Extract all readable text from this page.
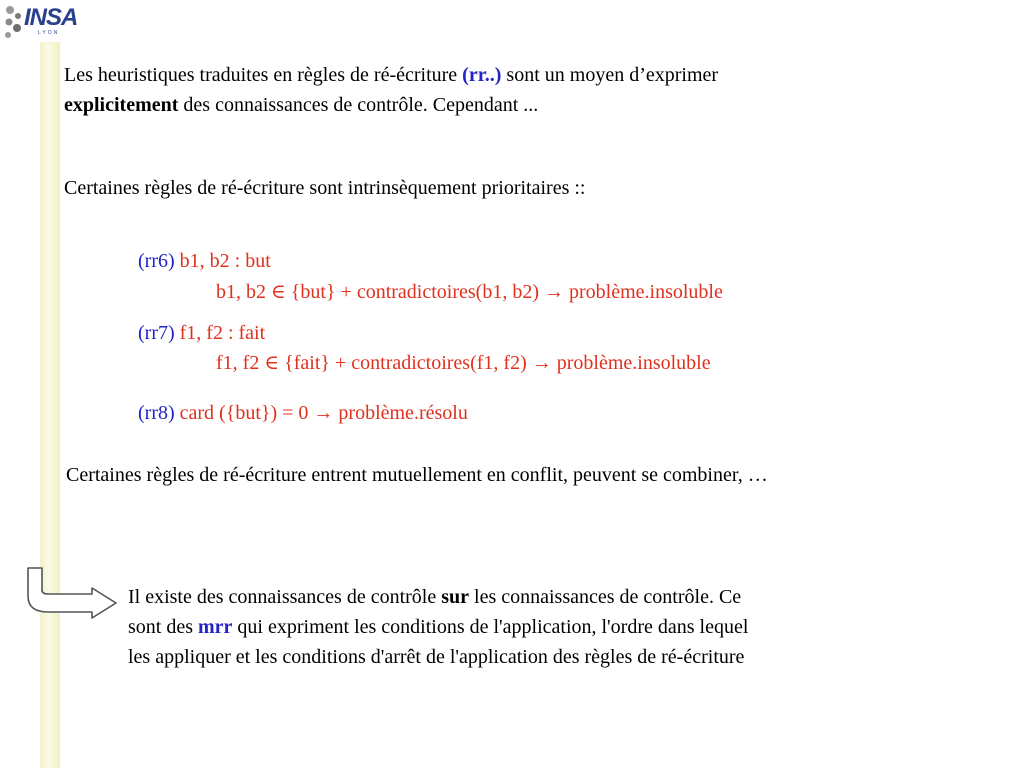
INSA
LYON
Les heuristiques traduites en règles de ré-écriture (rr..) sont un moyen d’exprimer
explicitement des connaissances de contrôle. Cependant ...
Certaines règles de ré-écriture sont intrinsèquement prioritaires ::
(rr6) b1, b2 : but
b1, b2 ∈ {but} + contradictoires(b1, b2) → problème.insoluble
(rr7) f1, f2 : fait
f1, f2 ∈ {fait} + contradictoires(f1, f2) → problème.insoluble
(rr8) card ({but}) = 0 → problème.résolu
Certaines règles de ré-écriture entrent mutuellement en conflit, peuvent se combiner, …
Il existe des connaissances de contrôle sur les connaissances de contrôle. Ce
sont des mrr qui expriment les conditions de l'application, l'ordre dans lequel
les appliquer et les conditions d'arrêt de l'application des règles de ré-écriture
